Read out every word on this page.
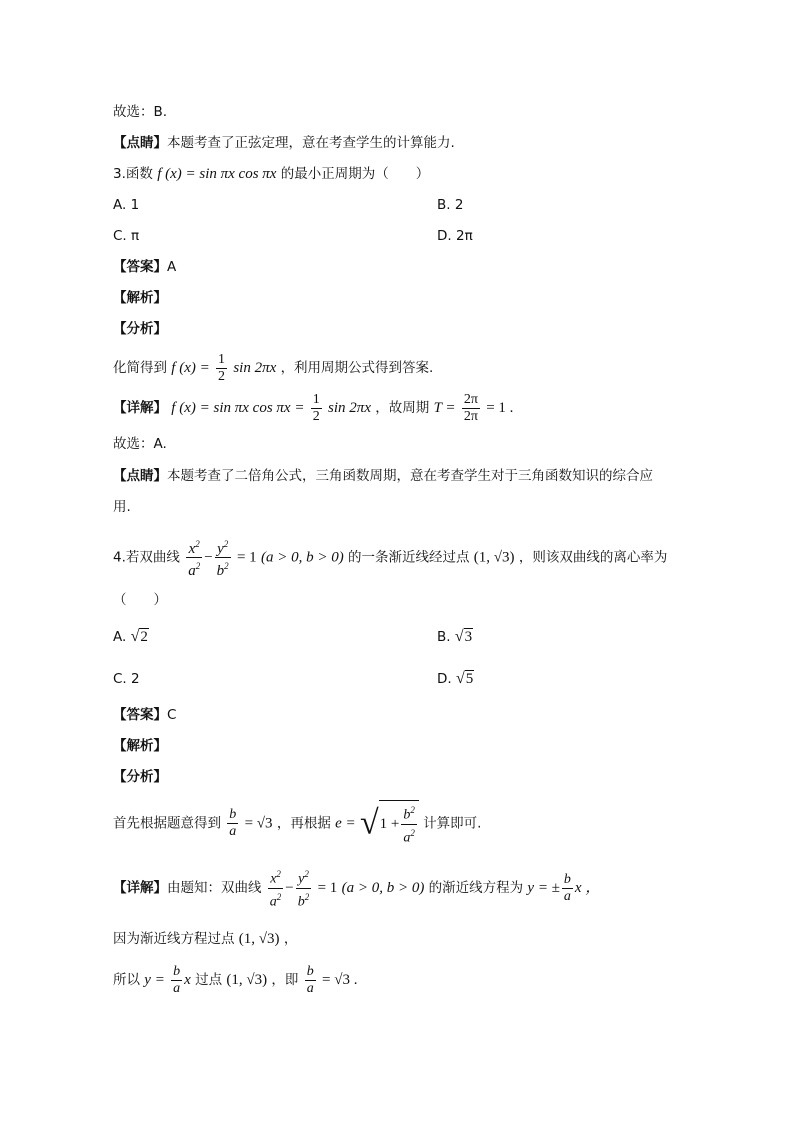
故选：B.
【点睛】本题考查了正弦定理，意在考查学生的计算能力.
3.函数 f (x) = sin πx cos πx 的最小正周期为（　　）
A. 1	B. 2
C. π	D. 2π
【答案】A
【解析】
【分析】
化简得到 f $(x) = \frac{1}{2}$ sin 2πx ，利用周期公式得到答案.
【详解】 f (x) = sin πx $\cos \pi x = \frac{1}{2}$ sin 2πx ，故周期 $T = \frac{2\pi}{2\pi} = 1$ .
故选：A.
【点睛】本题考查了二倍角公式，三角函数周期，意在考查学生对于三角函数知识的综合应
用.
4.若双曲线 $\frac{x^2}{a^2} - \frac{y^2}{b^2} = 1$ (a > 0, b > 0) 的一条渐近线经过点 (1, √3) ，则该双曲线的离心率为
（　　）
A. √2	B. √3
C. 2	D. √5
【答案】C
【解析】
【分析】
首先根据题意得到 $\frac{b}{a} = √3$ ，再根据 $e = √1 + \frac{b^2}{a^2}$ 计算即可.
【详解】由题知：双曲线 $\frac{x^2}{a^2} - \frac{y^2}{b^2} = 1$ (a > 0, b > 0) 的渐近线方程为 y = ± $\frac{b}{a}$ x ，
因为渐近线方程过点 (1, √3) ，
所以 $y = \frac{b}{a}$ x 过点 (1, √3) ，即 $\frac{b}{a} = √3$ .
